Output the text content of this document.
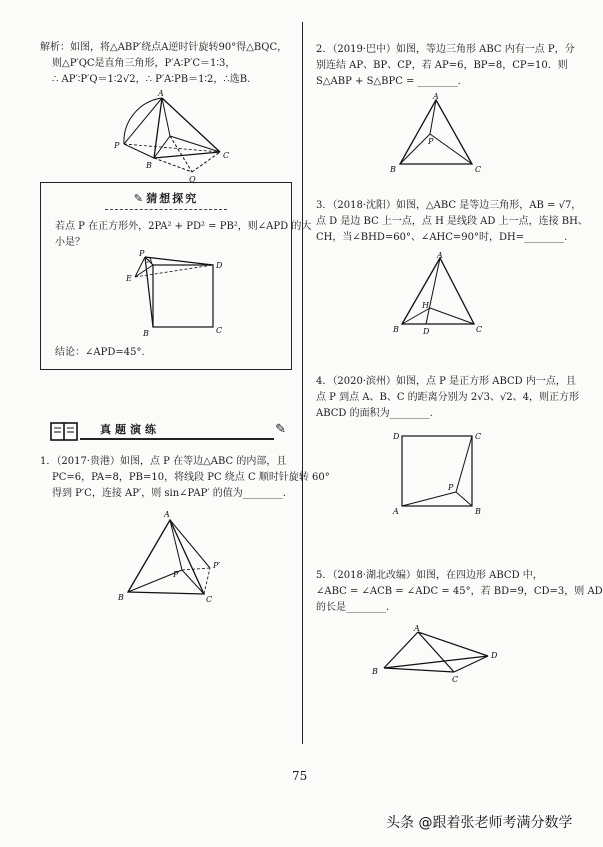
解析：如图，将△ABP′绕点A逆时针旋转90°得△BQC，
则△P′QC是直角三角形，P′A∶P′C＝1∶3，
∴ AP′∶P′Q＝1∶2√2，∴ P′A∶PB＝1∶2，∴选B.
A
P
B
C
Q
✎ 猜想探究
若点 P 在正方形外，2PA² + PD² = PB²，则∠APD 的大
小是？
P
A
D
E
B	C
结论：∠APD=45°.
真题演练	✎
1．（2017·贵港）如图，点 P 在等边△ABC 的内部，且
PC=6，PA=8，PB=10，将线段 PC 绕点 C 顺时针旋转 60°
得到 P′C，连接 AP′，则 sin∠PAP′ 的值为________.
A
P
P′
B	C
2．（2019·巴中）如图，等边三角形 ABC 内有一点 P，分
别连结 AP、BP、CP，若 AP=6，BP=8，CP=10．则
S△ABP + S△BPC = ________.
A
P
B	C
3．（2018·沈阳）如图，△ABC 是等边三角形，AB = √7，
点 D 是边 BC 上一点，点 H 是线段 AD 上一点，连接 BH、
CH，当∠BHD=60°、∠AHC=90°时，DH=________.
A
H
B	D	C
4．（2020·滨州）如图，点 P 是正方形 ABCD 内一点，且
点 P 到点 A、B、C 的距离分别为 2√3、√2、4，则正方形
ABCD 的面积为________.
D	C
P
A	B
5．（2018·湖北改编）如图，在四边形 ABCD 中，
∠ABC = ∠ACB = ∠ADC = 45°，若 BD=9，CD=3，则 AD
的长是________.
A
D
B
C
75
头条 @跟着张老师考满分数学
